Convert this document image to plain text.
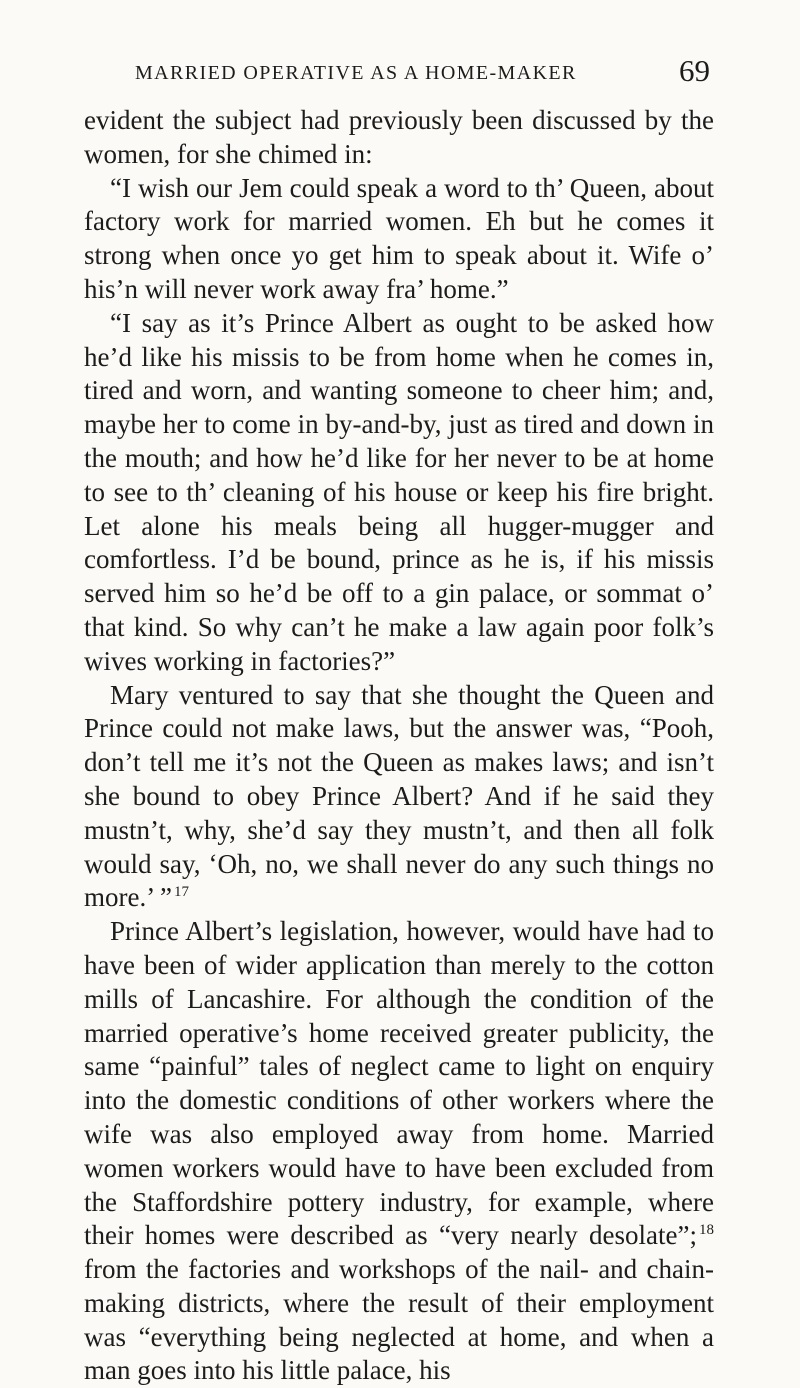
MARRIED OPERATIVE AS A HOME-MAKER	69

evident the subject had previously been discussed by the women, for she chimed in:

“I wish our Jem could speak a word to th’ Queen, about factory work for married women. Eh but he comes it strong when once yo get him to speak about it. Wife o’ his’n will never work away fra’ home.”

“I say as it’s Prince Albert as ought to be asked how he’d like his missis to be from home when he comes in, tired and worn, and wanting someone to cheer him; and, maybe her to come in by-and-by, just as tired and down in the mouth; and how he’d like for her never to be at home to see to th’ cleaning of his house or keep his fire bright. Let alone his meals being all hugger-mugger and comfortless. I’d be bound, prince as he is, if his missis served him so he’d be off to a gin palace, or sommat o’ that kind. So why can’t he make a law again poor folk’s wives working in factories?”

Mary ventured to say that she thought the Queen and Prince could not make laws, but the answer was, “Pooh, don’t tell me it’s not the Queen as makes laws; and isn’t she bound to obey Prince Albert? And if he said they mustn’t, why, she’d say they mustn’t, and then all folk would say, ‘Oh, no, we shall never do any such things no more.’ ” $^{17}$

Prince Albert’s legislation, however, would have had to have been of wider application than merely to the cotton mills of Lancashire. For although the condition of the married operative’s home received greater publicity, the same “painful” tales of neglect came to light on enquiry into the domestic conditions of other workers where the wife was also employed away from home. Married women workers would have to have been excluded from the Staffordshire pottery industry, for example, where their homes were described as “very nearly desolate”; $^{18}$ from the factories and workshops of the nail- and chain-making districts, where the result of their employment was “everything being neglected at home, and when a man goes into his little palace, his
